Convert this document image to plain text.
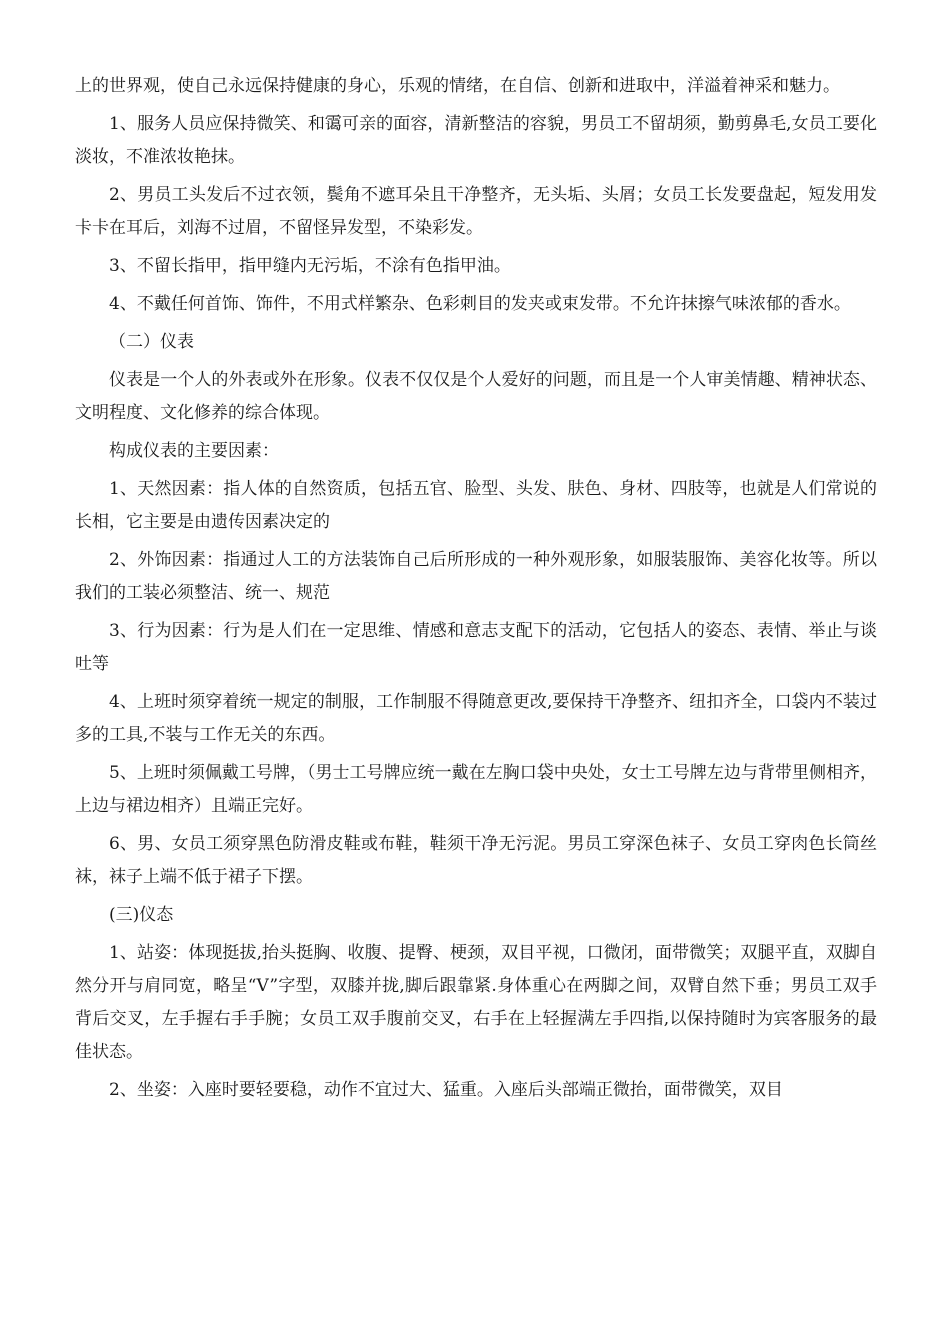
上的世界观，使自己永远保持健康的身心，乐观的情绪，在自信、创新和进取中，洋溢着神采和魅力。

1、服务人员应保持微笑、和霭可亲的面容，清新整洁的容貌，男员工不留胡须，勤剪鼻毛,女员工要化淡妆，不准浓妆艳抹。

2、男员工头发后不过衣领，鬓角不遮耳朵且干净整齐，无头垢、头屑；女员工长发要盘起，短发用发卡卡在耳后，刘海不过眉，不留怪异发型，不染彩发。

3、不留长指甲，指甲缝内无污垢，不涂有色指甲油。

4、不戴任何首饰、饰件，不用式样繁杂、色彩刺目的发夹或束发带。不允许抹擦气味浓郁的香水。

（二）仪表

仪表是一个人的外表或外在形象。仪表不仅仅是个人爱好的问题，而且是一个人审美情趣、精神状态、文明程度、文化修养的综合体现。

构成仪表的主要因素：

1、天然因素：指人体的自然资质，包括五官、脸型、头发、肤色、身材、四肢等，也就是人们常说的长相，它主要是由遗传因素决定的

2、外饰因素：指通过人工的方法装饰自己后所形成的一种外观形象，如服装服饰、美容化妆等。所以我们的工装必须整洁、统一、规范

3、行为因素：行为是人们在一定思维、情感和意志支配下的活动，它包括人的姿态、表情、举止与谈吐等

4、上班时须穿着统一规定的制服，工作制服不得随意更改,要保持干净整齐、纽扣齐全，口袋内不装过多的工具,不装与工作无关的东西。

5、上班时须佩戴工号牌，（男士工号牌应统一戴在左胸口袋中央处，女士工号牌左边与背带里侧相齐，上边与裙边相齐）且端正完好。

6、男、女员工须穿黑色防滑皮鞋或布鞋，鞋须干净无污泥。男员工穿深色袜子、女员工穿肉色长筒丝袜，袜子上端不低于裙子下摆。

(三)仪态

1、站姿：体现挺拔,抬头挺胸、收腹、提臀、梗颈，双目平视，口微闭，面带微笑；双腿平直，双脚自然分开与肩同宽，略呈“V”字型，双膝并拢,脚后跟靠紧.身体重心在两脚之间，双臂自然下垂；男员工双手背后交叉，左手握右手手腕；女员工双手腹前交叉，右手在上轻握满左手四指,以保持随时为宾客服务的最佳状态。

2、坐姿：入座时要轻要稳，动作不宜过大、猛重。入座后头部端正微抬，面带微笑，双目
